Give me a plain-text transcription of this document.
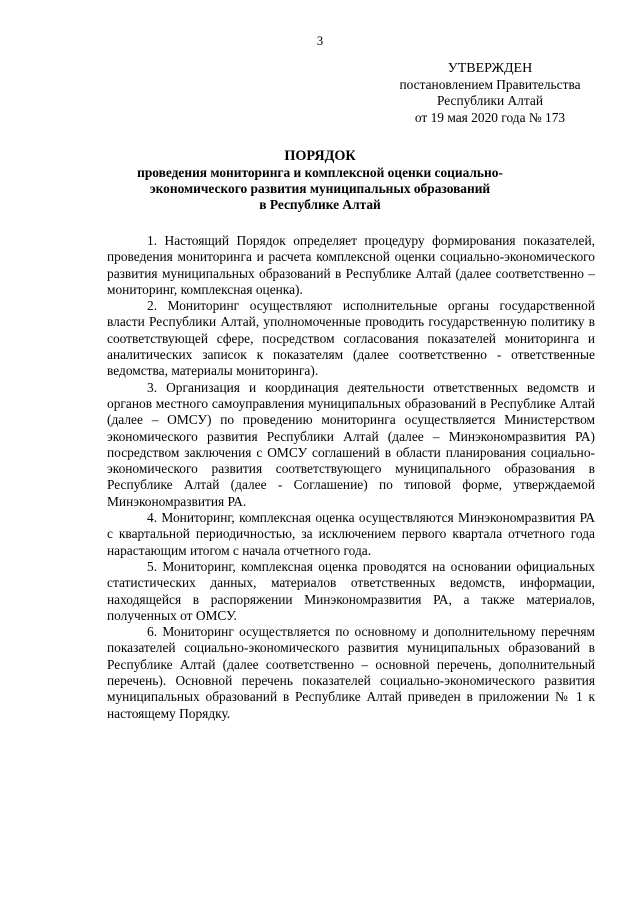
3
УТВЕРЖДЕН
постановлением Правительства
Республики Алтай
от 19 мая 2020 года № 173
ПОРЯДОК
проведения мониторинга и комплексной оценки социально-
экономического развития муниципальных образований
в Республике Алтай

1. Настоящий Порядок определяет процедуру формирования показателей, проведения мониторинга и расчета комплексной оценки социально-экономического развития муниципальных образований в Республике Алтай (далее соответственно – мониторинг, комплексная оценка).

2. Мониторинг осуществляют исполнительные органы государственной власти Республики Алтай, уполномоченные проводить государственную политику в соответствующей сфере, посредством согласования показателей мониторинга и аналитических записок к показателям (далее соответственно - ответственные ведомства, материалы мониторинга).

3. Организация и координация деятельности ответственных ведомств и органов местного самоуправления муниципальных образований в Республике Алтай (далее – ОМСУ) по проведению мониторинга осуществляется Министерством экономического развития Республики Алтай (далее – Минэкономразвития РА) посредством заключения с ОМСУ соглашений в области планирования социально-экономического развития соответствующего муниципального образования в Республике Алтай (далее - Соглашение) по типовой форме, утверждаемой Минэкономразвития РА.

4. Мониторинг, комплексная оценка осуществляются Минэкономразвития РА с квартальной периодичностью, за исключением первого квартала отчетного года нарастающим итогом с начала отчетного года.

5. Мониторинг, комплексная оценка проводятся на основании официальных статистических данных, материалов ответственных ведомств, информации, находящейся в распоряжении Минэкономразвития РА, а также материалов, полученных от ОМСУ.

6. Мониторинг осуществляется по основному и дополнительному перечням показателей социально-экономического развития муниципальных образований в Республике Алтай (далее соответственно – основной перечень, дополнительный перечень). Основной перечень показателей социально-экономического развития муниципальных образований в Республике Алтай приведен в приложении № 1 к настоящему Порядку.
